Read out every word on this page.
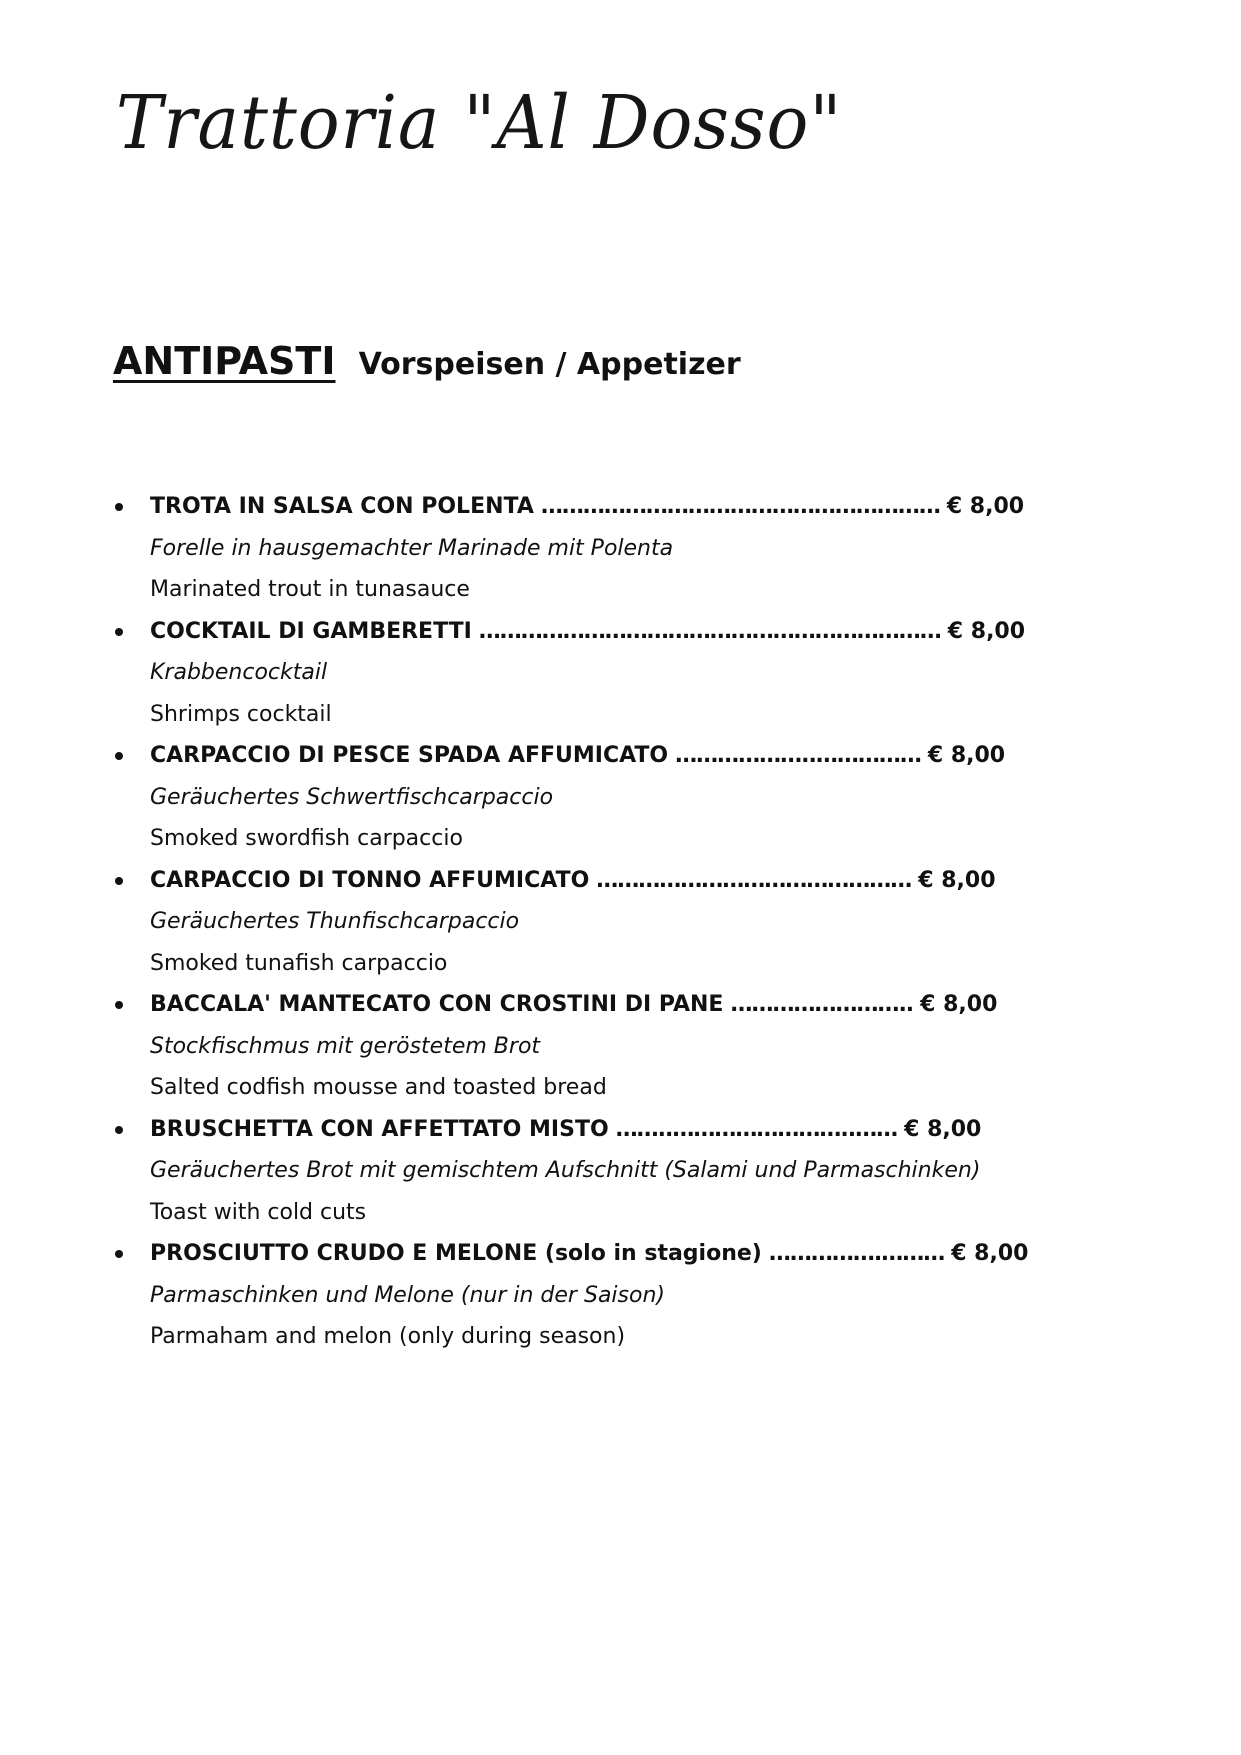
Trattoria "Al Dosso"
ANTIPASTI Vorspeisen / Appetizer
TROTA IN SALSA CON POLENTA ………………………………………………… € 8,00
Forelle in hausgemachter Marinade mit Polenta
Marinated trout in tunasauce
COCKTAIL DI GAMBERETTI ………………………………………………………… € 8,00
Krabbencocktail
Shrimps cocktail
CARPACCIO DI PESCE SPADA AFFUMICATO ………………..…………… € 8,00
Geräuchertes Schwertfischcarpaccio
Smoked swordfish carpaccio
CARPACCIO DI TONNO AFFUMICATO ……………………………………… € 8,00
Geräuchertes Thunfischcarpaccio
Smoked tunafish carpaccio
BACCALA' MANTECATO CON CROSTINI DI PANE …………………….. € 8,00
Stockfischmus mit geröstetem Brot
Salted codfish mousse and toasted bread
BRUSCHETTA CON AFFETTATO MISTO ……..……………………..…… € 8,00
Geräuchertes Brot mit gemischtem Aufschnitt (Salami und Parmaschinken)
Toast with cold cuts
PROSCIUTTO CRUDO E MELONE (solo in stagione) …………….……… € 8,00
Parmaschinken und Melone (nur in der Saison)
Parmaham and melon (only during season)
